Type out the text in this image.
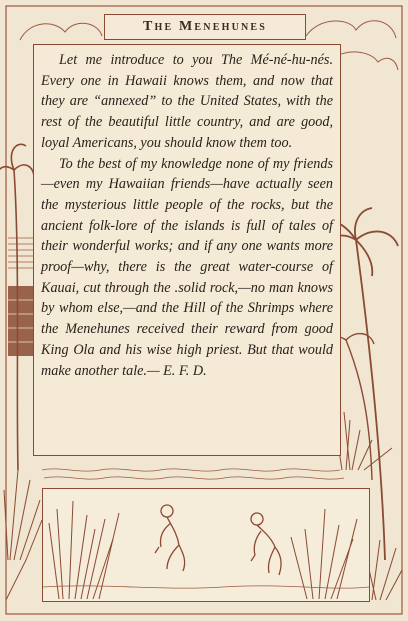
The Menehunes

Let me introduce to you The Mé-né-hu-nés. Every one in Hawaii knows them, and now that they are “annexed” to the United States, with the rest of the beautiful little country, and are good, loyal Americans, you should know them too.

To the best of my knowledge none of my friends—even my Hawaiian friends—have actually seen the mysterious little people of the rocks, but the ancient folk-lore of the islands is full of tales of their wonderful works; and if any one wants more proof—why, there is the great water-course of Kauai, cut through the .solid rock,—no man knows by whom else,—and the Hill of the Shrimps where the Menehunes received their reward from good King Ola and his wise high priest. But that would make another tale.— E. F. D.
